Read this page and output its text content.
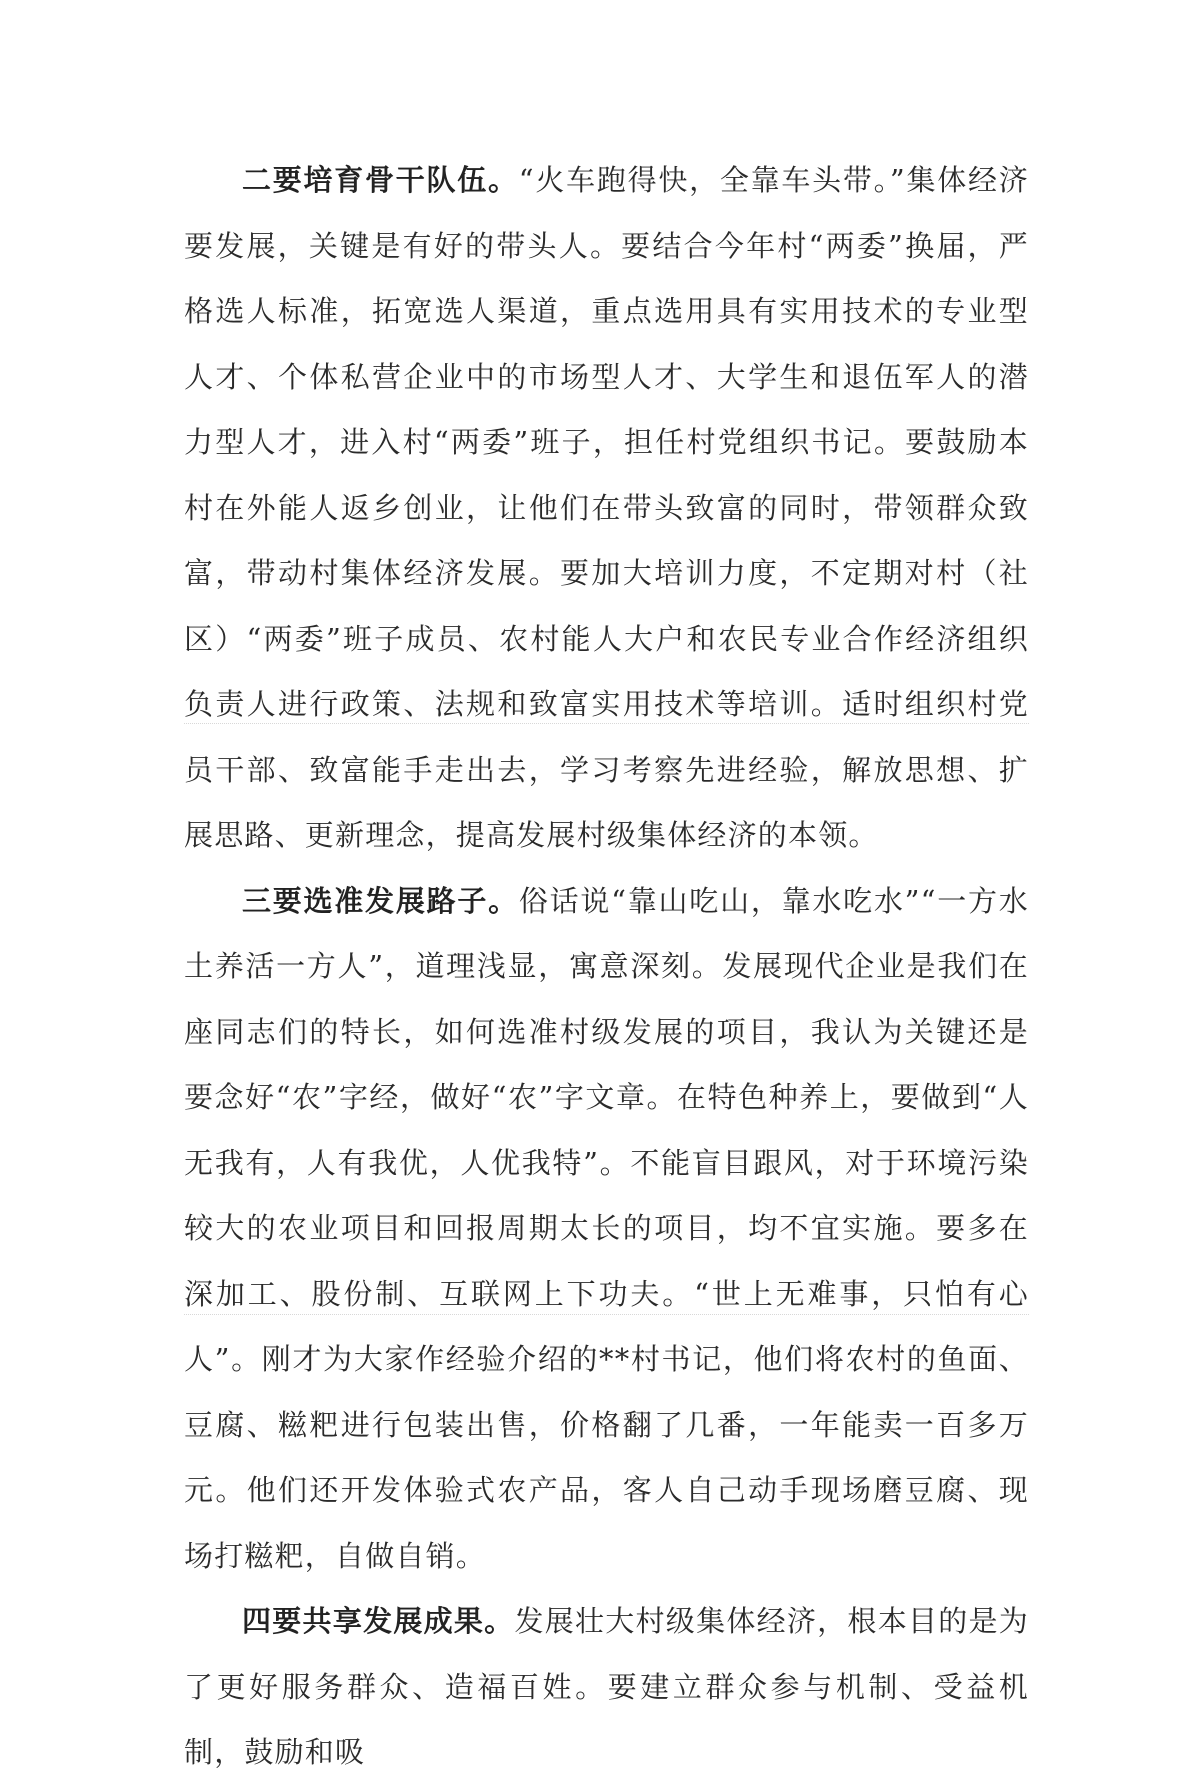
二要培育骨干队伍。“火车跑得快，全靠车头带。”集体经济要发展，关键是有好的带头人。要结合今年村“两委”换届，严格选人标准，拓宽选人渠道，重点选用具有实用技术的专业型人才、个体私营企业中的市场型人才、大学生和退伍军人的潜力型人才，进入村“两委”班子，担任村党组织书记。要鼓励本村在外能人返乡创业，让他们在带头致富的同时，带领群众致富，带动村集体经济发展。要加大培训力度，不定期对村（社区）“两委”班子成员、农村能人大户和农民专业合作经济组织负责人进行政策、法规和致富实用技术等培训。适时组织村党员干部、致富能手走出去，学习考察先进经验，解放思想、扩展思路、更新理念，提高发展村级集体经济的本领。

三要选准发展路子。俗话说“靠山吃山，靠水吃水”“一方水土养活一方人”，道理浅显，寓意深刻。发展现代企业是我们在座同志们的特长，如何选准村级发展的项目，我认为关键还是要念好“农”字经，做好“农”字文章。在特色种养上，要做到“人无我有，人有我优，人优我特”。不能盲目跟风，对于环境污染较大的农业项目和回报周期太长的项目，均不宜实施。要多在深加工、股份制、互联网上下功夫。“世上无难事，只怕有心人”。刚才为大家作经验介绍的**村书记，他们将农村的鱼面、豆腐、糍粑进行包装出售，价格翻了几番，一年能卖一百多万元。他们还开发体验式农产品，客人自己动手现场磨豆腐、现场打糍粑，自做自销。

四要共享发展成果。发展壮大村级集体经济，根本目的是为了更好服务群众、造福百姓。要建立群众参与机制、受益机制，鼓励和吸
